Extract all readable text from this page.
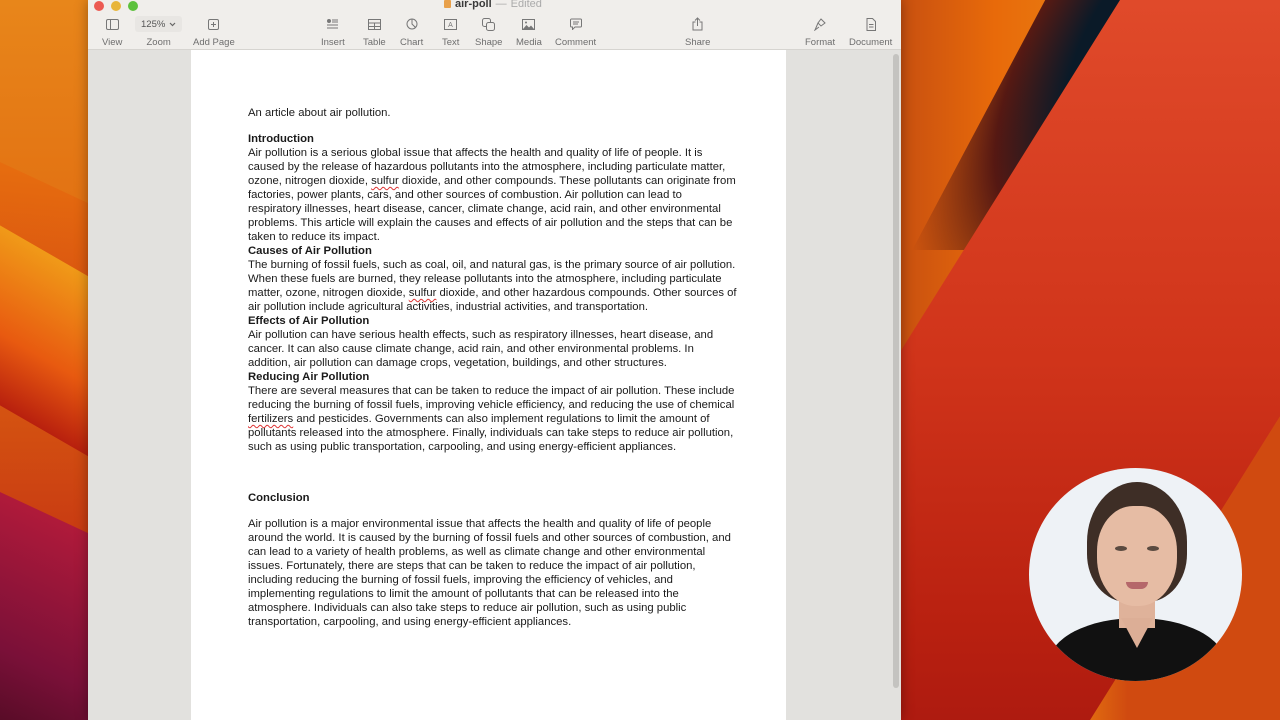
air-poll — Edited
View
125%
Zoom Add Page	Insert Table Chart
A
Text Shape Media Comment	Share	Format Document

An article about air pollution.

Introduction

Air pollution is a serious global issue that affects the health and quality of life of people. It is caused by the release of hazardous pollutants into the atmosphere, including particulate matter, ozone, nitrogen dioxide, sulfur dioxide, and other compounds. These pollutants can originate from factories, power plants, cars, and other sources of combustion. Air pollution can lead to respiratory illnesses, heart disease, cancer, climate change, acid rain, and other environmental problems. This article will explain the causes and effects of air pollution and the steps that can be taken to reduce its impact.

Causes of Air Pollution

The burning of fossil fuels, such as coal, oil, and natural gas, is the primary source of air pollution. When these fuels are burned, they release pollutants into the atmosphere, including particulate matter, ozone, nitrogen dioxide, sulfur dioxide, and other hazardous compounds. Other sources of air pollution include agricultural activities, industrial activities, and transportation.

Effects of Air Pollution

Air pollution can have serious health effects, such as respiratory illnesses, heart disease, and cancer. It can also cause climate change, acid rain, and other environmental problems. In addition, air pollution can damage crops, vegetation, buildings, and other structures.

Reducing Air Pollution

There are several measures that can be taken to reduce the impact of air pollution. These include reducing the burning of fossil fuels, improving vehicle efficiency, and reducing the use of chemical fertilizers and pesticides. Governments can also implement regulations to limit the amount of pollutants released into the atmosphere. Finally, individuals can take steps to reduce air pollution, such as using public transportation, carpooling, and using energy-efficient appliances.

Conclusion

Air pollution is a major environmental issue that affects the health and quality of life of people around the world. It is caused by the burning of fossil fuels and other sources of combustion, and can lead to a variety of health problems, as well as climate change and other environmental issues. Fortunately, there are steps that can be taken to reduce the impact of air pollution, including reducing the burning of fossil fuels, improving the efficiency of vehicles, and implementing regulations to limit the amount of pollutants that can be released into the atmosphere. Individuals can also take steps to reduce air pollution, such as using public transportation, carpooling, and using energy-efficient appliances.
